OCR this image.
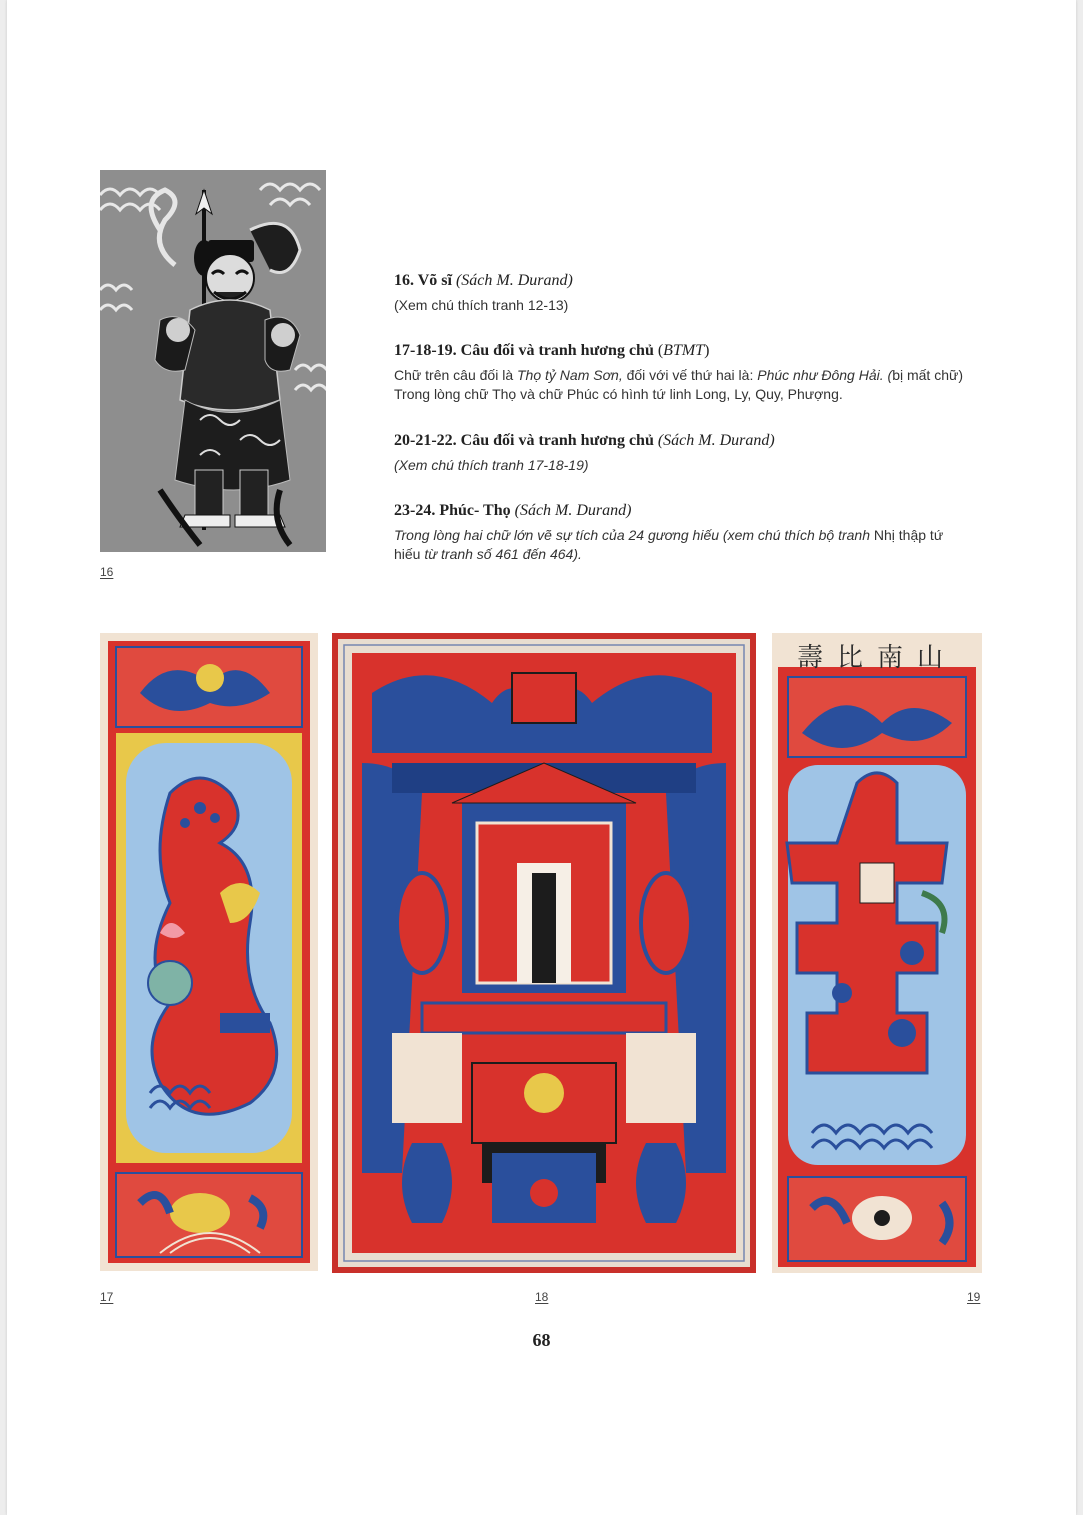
16

16. Võ sĩ (Sách M. Durand)

(Xem chú thích tranh 12-13)

17-18-19. Câu đối và tranh hương chủ (BTMT)

Chữ trên câu đối là Thọ tỷ Nam Sơn, đối với vế thứ hai là: Phúc như Đông Hải. (bị mất chữ) Trong lòng chữ Thọ và chữ Phúc có hình tứ linh Long, Ly, Quy, Phượng.

20-21-22. Câu đối và tranh hương chủ (Sách M. Durand)

(Xem chú thích tranh 17-18-19)

23-24. Phúc- Thọ (Sách M. Durand)

Trong lòng hai chữ lớn vẽ sự tích của 24 gương hiếu (xem chú thích bộ tranh Nhị thập tứ hiếu từ tranh số 461 đến 464).

17	18
壽比南山
19
68
